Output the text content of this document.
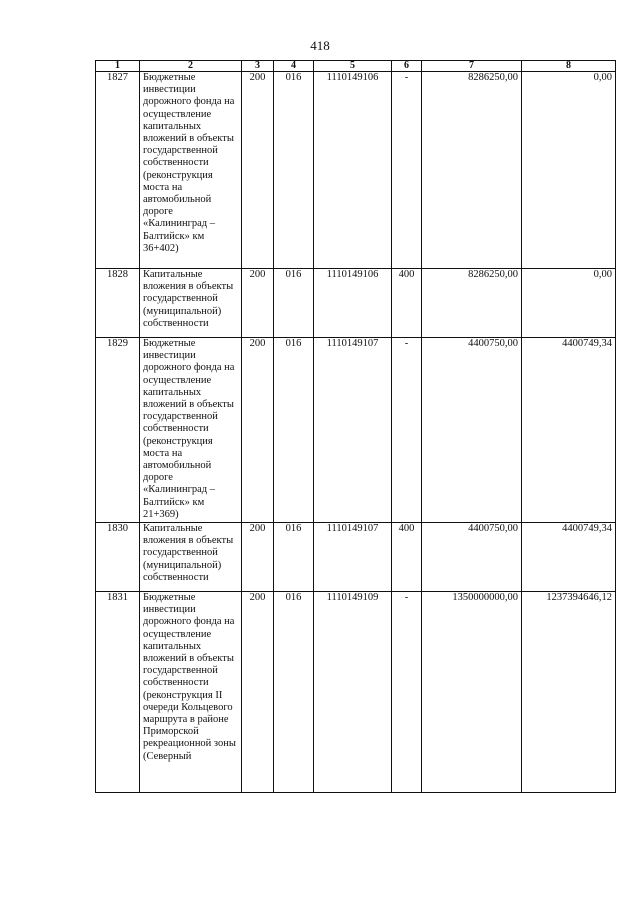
418
1	2	3	4	5	6	7	8
1827	Бюджетные инвестиции дорожного фонда на осуществление капитальных вложений в объекты государственной собственности (реконструкция моста на автомобильной дороге «Калининград – Балтийск» км 36+402)	200	016	1110149106	-	8286250,00	0,00
1828	Капитальные вложения в объекты государственной (муниципальной) собственности	200	016	1110149106	400	8286250,00	0,00
1829	Бюджетные инвестиции дорожного фонда на осуществление капитальных вложений в объекты государственной собственности (реконструкция моста на автомобильной дороге «Калининград – Балтийск» км 21+369)	200	016	1110149107	-	4400750,00	4400749,34
1830	Капитальные вложения в объекты государственной (муниципальной) собственности	200	016	1110149107	400	4400750,00	4400749,34
1831	Бюджетные инвестиции дорожного фонда на осуществление капитальных вложений в объекты государственной собственности (реконструкция II очереди Кольцевого маршрута в районе Приморской рекреационной зоны (Северный	200	016	1110149109	-	1350000000,00	1237394646,12
